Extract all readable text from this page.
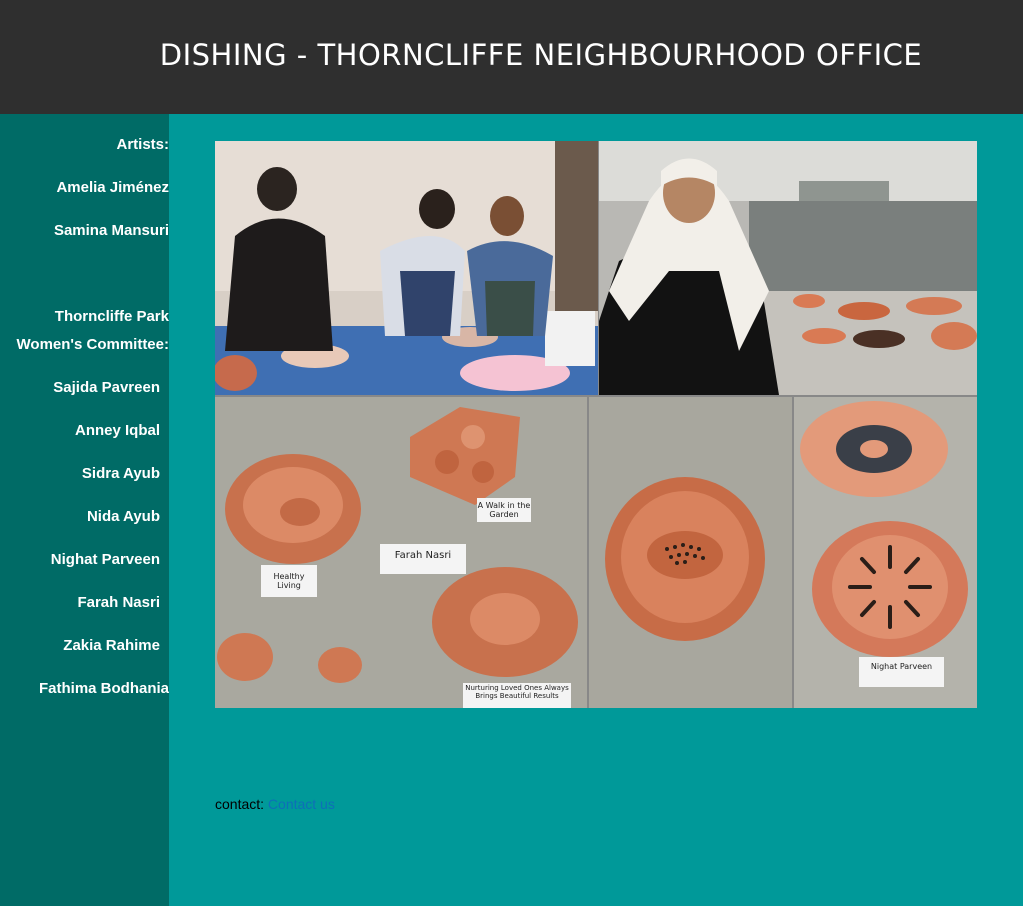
DISHING - THORNCLIFFE NEIGHBOURHOOD OFFICE
Artists:
Amelia Jiménez
Samina Mansuri
Thorncliffe Park
Women's Committee:
Sajida Pavreen
Anney Iqbal
Sidra Ayub
Nida Ayub
Nighat Parveen
Farah Nasri
Zakia Rahime
Fathima Bodhania
Healthy Living
Farah Nasri
A Walk in the Garden
Nurturing Loved Ones Always Brings Beautiful Results
Nighat Parveen
contact: Contact us
